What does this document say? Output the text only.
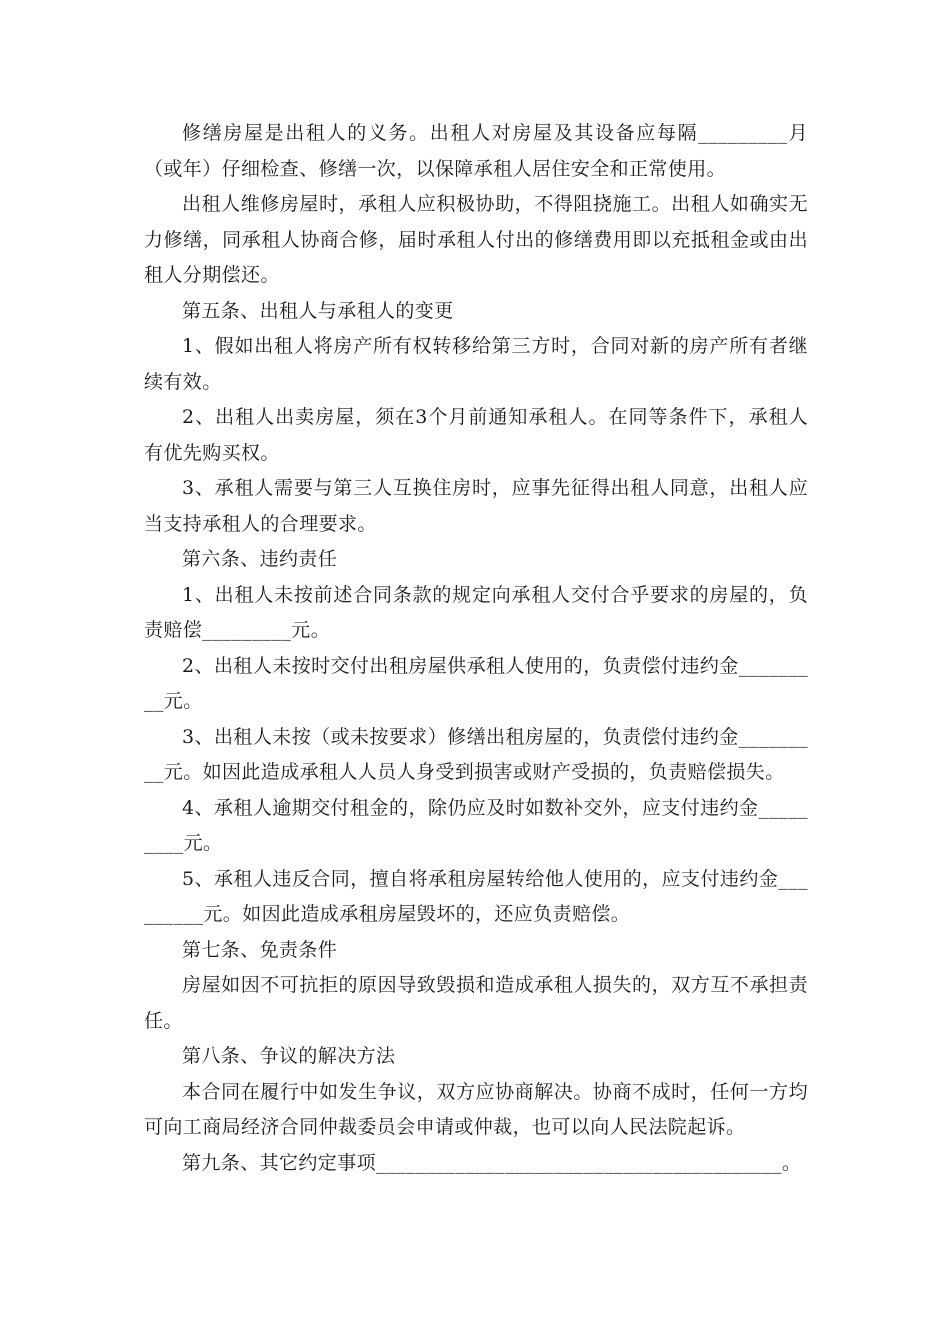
修缮房屋是出租人的义务。出租人对房屋及其设备应每隔_________月（或年）仔细检查、修缮一次，以保障承租人居住安全和正常使用。

出租人维修房屋时，承租人应积极协助，不得阻挠施工。出租人如确实无力修缮，同承租人协商合修，届时承租人付出的修缮费用即以充抵租金或由出租人分期偿还。

第五条、出租人与承租人的变更

1、假如出租人将房产所有权转移给第三方时，合同对新的房产所有者继续有效。

2、出租人出卖房屋，须在3个月前通知承租人。在同等条件下，承租人有优先购买权。

3、承租人需要与第三人互换住房时，应事先征得出租人同意，出租人应当支持承租人的合理要求。

第六条、违约责任

1、出租人未按前述合同条款的规定向承租人交付合乎要求的房屋的，负责赔偿_________元。

2、出租人未按时交付出租房屋供承租人使用的，负责偿付违约金_________元。

3、出租人未按（或未按要求）修缮出租房屋的，负责偿付违约金_________元。如因此造成承租人人员人身受到损害或财产受损的，负责赔偿损失。

4、承租人逾期交付租金的，除仍应及时如数补交外，应支付违约金_________元。

5、承租人违反合同，擅自将承租房屋转给他人使用的，应支付违约金_________元。如因此造成承租房屋毁坏的，还应负责赔偿。

第七条、免责条件

房屋如因不可抗拒的原因导致毁损和造成承租人损失的，双方互不承担责任。

第八条、争议的解决方法

本合同在履行中如发生争议，双方应协商解决。协商不成时，任何一方均可向工商局经济合同仲裁委员会申请或仲裁，也可以向人民法院起诉。

第九条、其它约定事项_________________________________________。
